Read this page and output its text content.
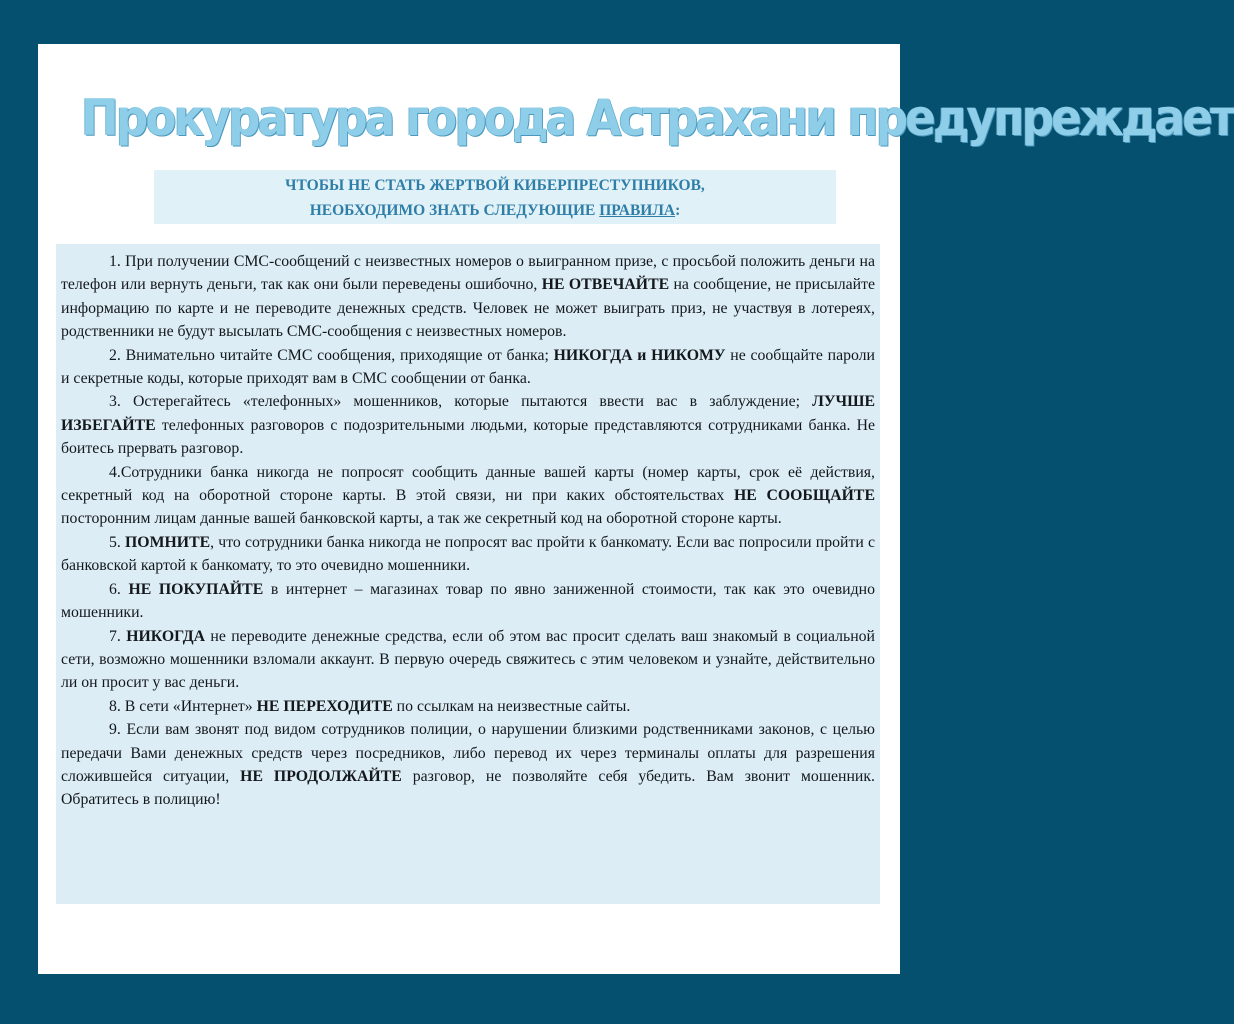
Прокуратура города Астрахани предупреждает
ЧТОБЫ НЕ СТАТЬ ЖЕРТВОЙ КИБЕРПРЕСТУПНИКОВ,
НЕОБХОДИМО ЗНАТЬ СЛЕДУЮЩИЕ ПРАВИЛА:

1. При получении СМС-сообщений с неизвестных номеров о выигранном призе, с просьбой положить деньги на телефон или вернуть деньги, так как они были переведены ошибочно, НЕ ОТВЕЧАЙТЕ на сообщение, не присылайте информацию по карте и не переводите денежных средств. Человек не может выиграть приз, не участвуя в лотереях, родственники не будут высылать СМС-сообщения с неизвестных номеров.

2. Внимательно читайте СМС сообщения, приходящие от банка; НИКОГДА и НИКОМУ не сообщайте пароли и секретные коды, которые приходят вам в СМС сообщении от банка.

3. Остерегайтесь «телефонных» мошенников, которые пытаются ввести вас в заблуждение; ЛУЧШЕ ИЗБЕГАЙТЕ телефонных разговоров с подозрительными людьми, которые представляются сотрудниками банка. Не боитесь прервать разговор.

4.Сотрудники банка никогда не попросят сообщить данные вашей карты (номер карты, срок её действия, секретный код на оборотной стороне карты. В этой связи, ни при каких обстоятельствах НЕ СООБЩАЙТЕ посторонним лицам данные вашей банковской карты, а так же секретный код на оборотной стороне карты.

5. ПОМНИТЕ, что сотрудники банка никогда не попросят вас пройти к банкомату. Если вас попросили пройти с банковской картой к банкомату, то это очевидно мошенники.

6. НЕ ПОКУПАЙТЕ в интернет – магазинах товар по явно заниженной стоимости, так как это очевидно мошенники.

7. НИКОГДА не переводите денежные средства, если об этом вас просит сделать ваш знакомый в социальной сети, возможно мошенники взломали аккаунт. В первую очередь свяжитесь с этим человеком и узнайте, действительно ли он просит у вас деньги.

8. В сети «Интернет» НЕ ПЕРЕХОДИТЕ по ссылкам на неизвестные сайты.

9. Если вам звонят под видом сотрудников полиции, о нарушении близкими родственниками законов, с целью передачи Вами денежных средств через посредников, либо перевод их через терминалы оплаты для разрешения сложившейся ситуации, НЕ ПРОДОЛЖАЙТЕ разговор, не позволяйте себя убедить. Вам звонит мошенник. Обратитесь в полицию!
